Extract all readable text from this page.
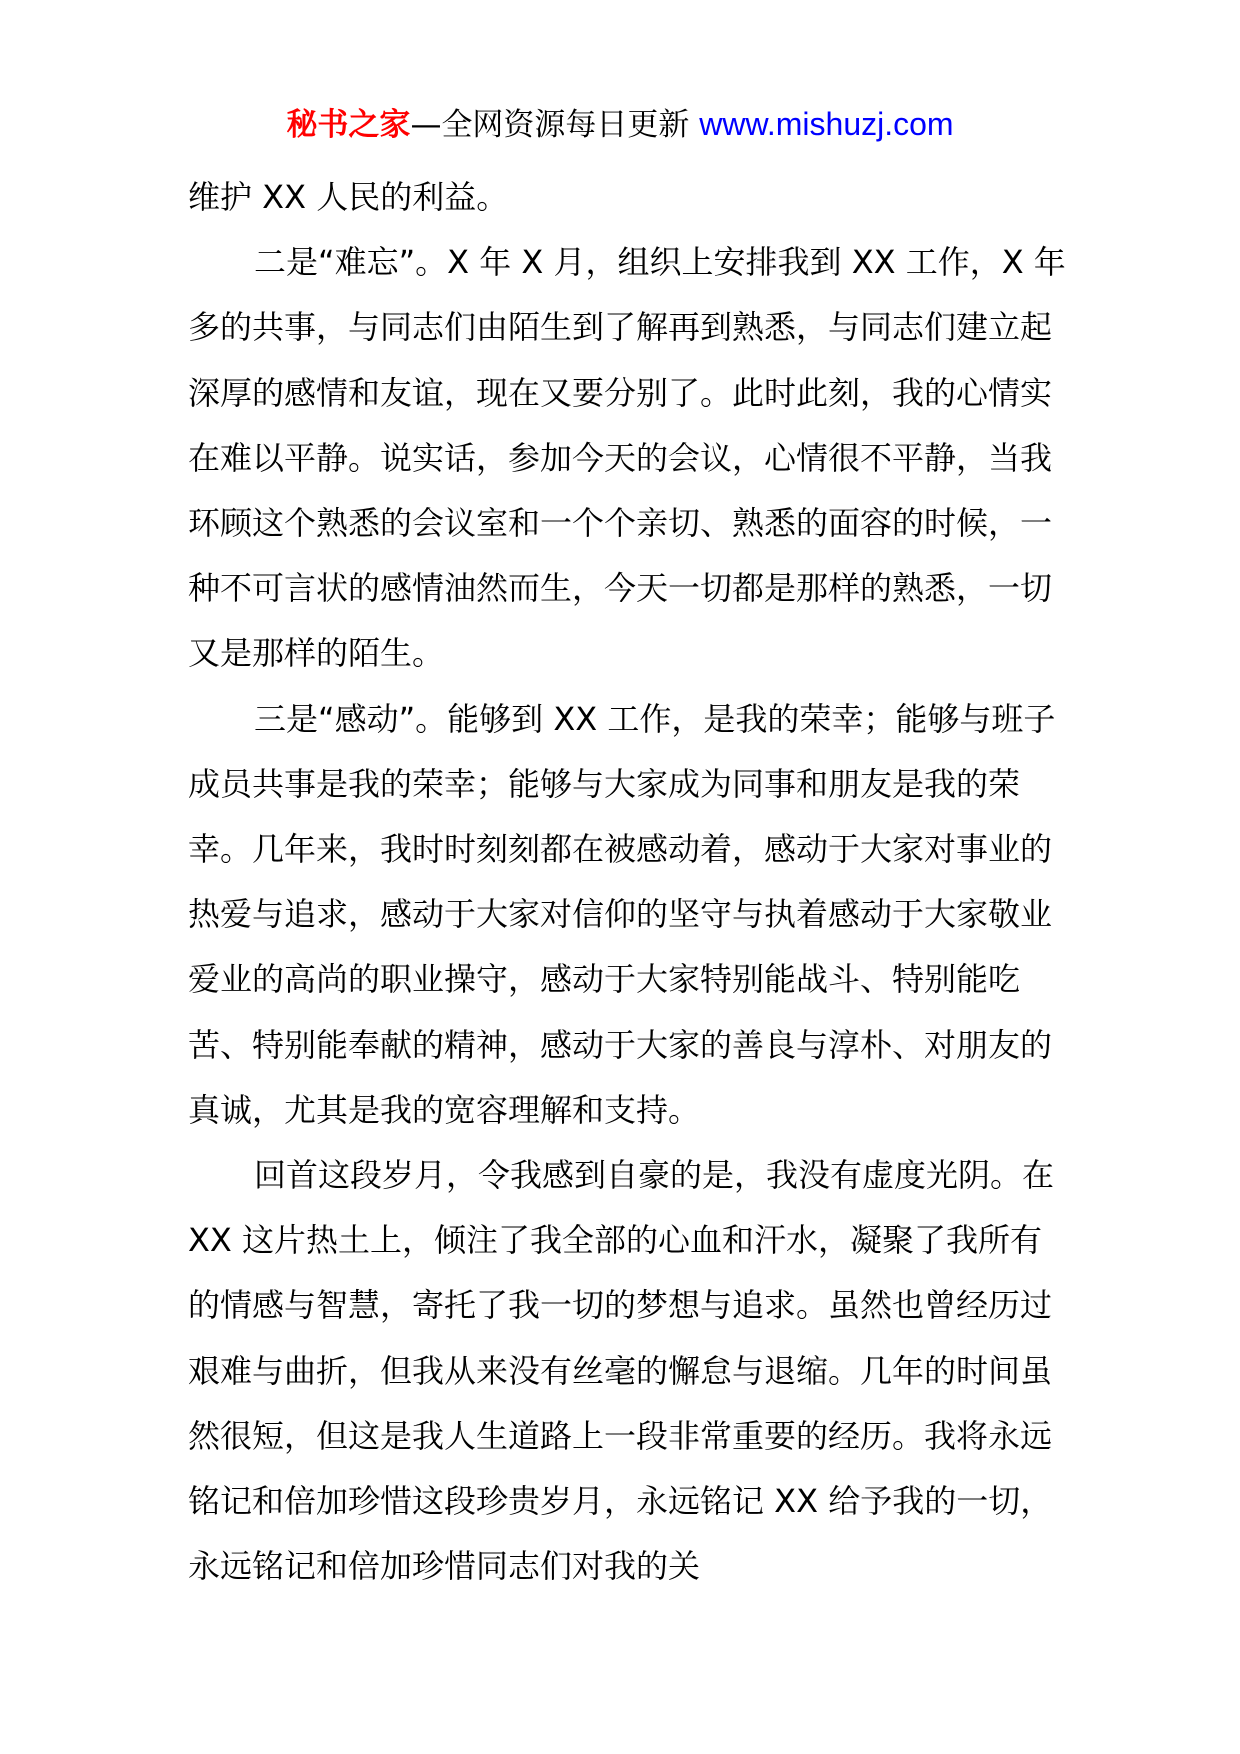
秘书之家—全网资源每日更新 www.mishuzj.com

维护 XX 人民的利益。

二是“难忘”。X 年 X 月，组织上安排我到 XX 工作，X 年多的共事，与同志们由陌生到了解再到熟悉，与同志们建立起深厚的感情和友谊，现在又要分别了。此时此刻，我的心情实在难以平静。说实话，参加今天的会议，心情很不平静，当我环顾这个熟悉的会议室和一个个亲切、熟悉的面容的时候，一种不可言状的感情油然而生，今天一切都是那样的熟悉，一切又是那样的陌生。

三是“感动”。能够到 XX 工作，是我的荣幸；能够与班子成员共事是我的荣幸；能够与大家成为同事和朋友是我的荣幸。几年来，我时时刻刻都在被感动着，感动于大家对事业的热爱与追求，感动于大家对信仰的坚守与执着感动于大家敬业爱业的高尚的职业操守，感动于大家特别能战斗、特别能吃苦、特别能奉献的精神，感动于大家的善良与淳朴、对朋友的真诚，尤其是我的宽容理解和支持。

回首这段岁月，令我感到自豪的是，我没有虚度光阴。在 XX 这片热土上，倾注了我全部的心血和汗水，凝聚了我所有的情感与智慧，寄托了我一切的梦想与追求。虽然也曾经历过艰难与曲折，但我从来没有丝毫的懈怠与退缩。几年的时间虽然很短，但这是我人生道路上一段非常重要的经历。我将永远铭记和倍加珍惜这段珍贵岁月，永远铭记 XX 给予我的一切，永远铭记和倍加珍惜同志们对我的关
